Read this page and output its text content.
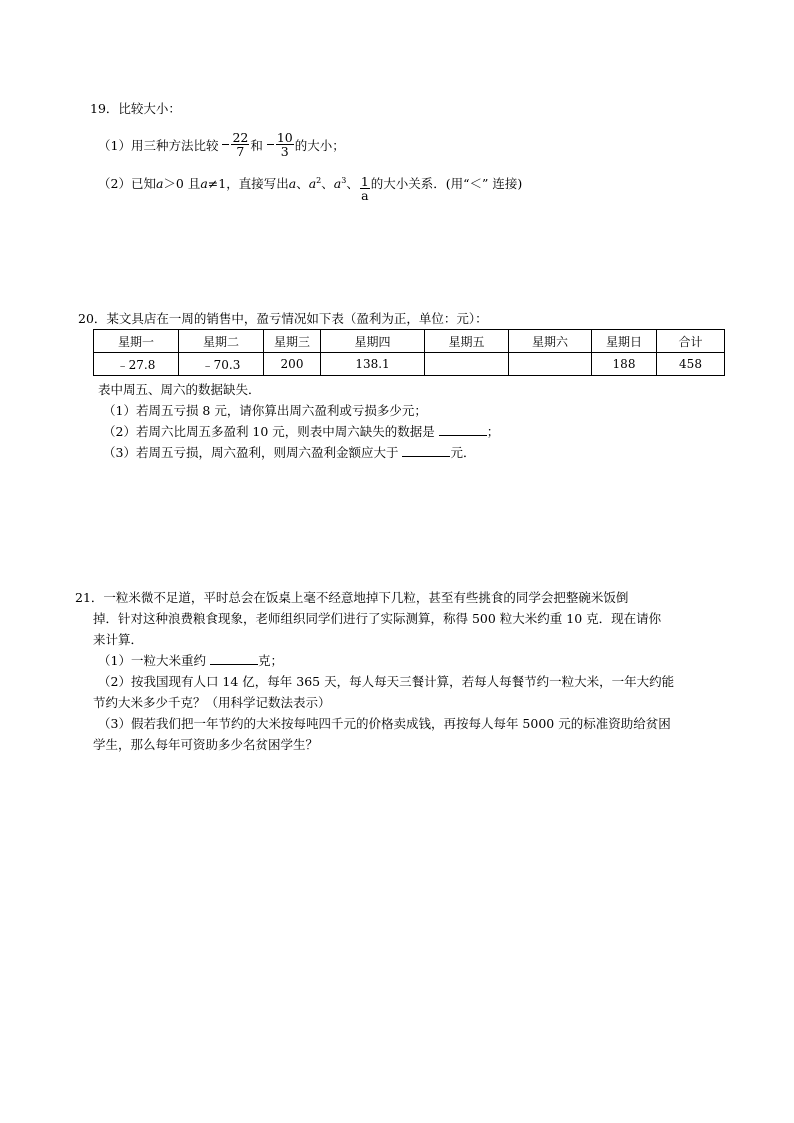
19．比较大小：
（1）用三种方法比较 $\frac{22}{7}$ 和 $\frac{10}{3}$ 的大小；
（2）已知a＞0 且a≠1，直接写出a、$a^2$、$a^3$、 $\frac{1}{a}$ 的大小关系．(用“＜” 连接)
20．某文具店在一周的销售中，盈亏情况如下表（盈利为正，单位：元）：
星期一	星期二	星期三	星期四	星期五	星期六	星期日	合计
﹣27.8	﹣70.3	200	138.1			188	458
表中周五、周六的数据缺失．
（1）若周五亏损 8 元，请你算出周六盈利或亏损多少元；
（2）若周六比周五多盈利 10 元，则表中周六缺失的数据是	；
（3）若周五亏损，周六盈利，则周六盈利金额应大于	元．
21．一粒米微不足道，平时总会在饭桌上毫不经意地掉下几粒，甚至有些挑食的同学会把整碗米饭倒
掉．针对这种浪费粮食现象，老师组织同学们进行了实际测算，称得 500 粒大米约重 10 克．现在请你
来计算．
（1）一粒大米重约	克；
（2）按我国现有人口 14 亿，每年 365 天，每人每天三餐计算，若每人每餐节约一粒大米，一年大约能
节约大米多少千克？（用科学记数法表示）
（3）假若我们把一年节约的大米按每吨四千元的价格卖成钱，再按每人每年 5000 元的标准资助给贫困
学生，那么每年可资助多少名贫困学生？
